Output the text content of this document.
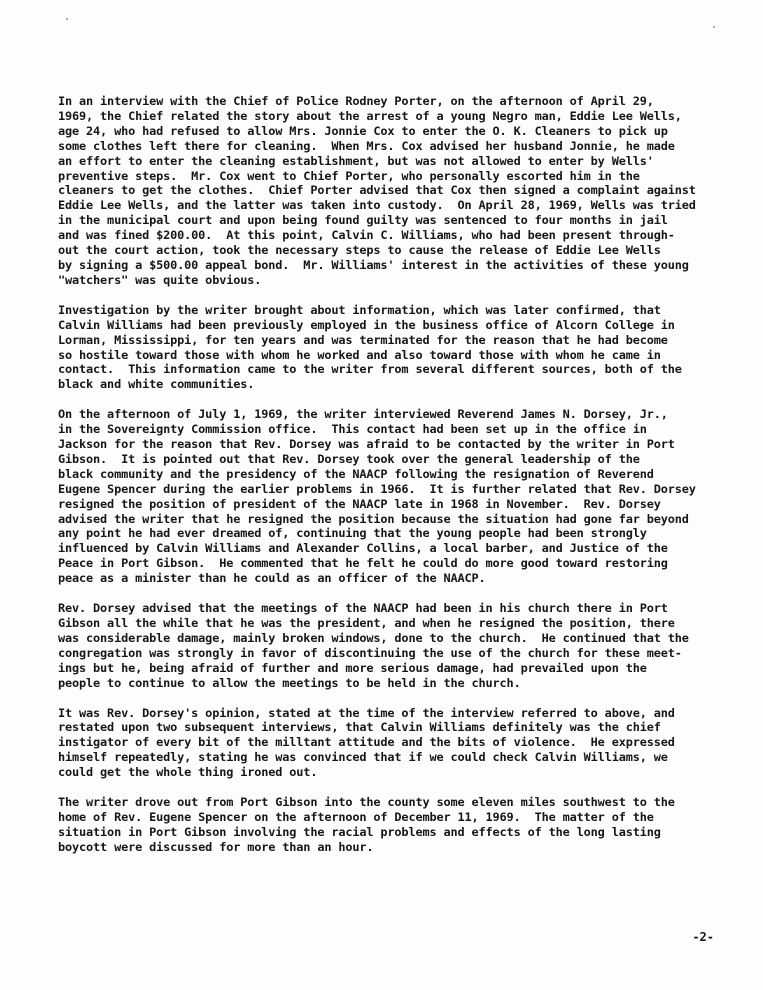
In an interview with the Chief of Police Rodney Porter, on the afternoon of April 29,
1969, the Chief related the story about the arrest of a young Negro man, Eddie Lee Wells,
age 24, who had refused to allow Mrs. Jonnie Cox to enter the O. K. Cleaners to pick up
some clothes left there for cleaning.  When Mrs. Cox advised her husband Jonnie, he made
an effort to enter the cleaning establishment, but was not allowed to enter by Wells'
preventive steps.  Mr. Cox went to Chief Porter, who personally escorted him in the
cleaners to get the clothes.  Chief Porter advised that Cox then signed a complaint against
Eddie Lee Wells, and the latter was taken into custody.  On April 28, 1969, Wells was tried
in the municipal court and upon being found guilty was sentenced to four months in jail
and was fined $200.00.  At this point, Calvin C. Williams, who had been present through-
out the court action, took the necessary steps to cause the release of Eddie Lee Wells
by signing a $500.00 appeal bond.  Mr. Williams' interest in the activities of these young
"watchers" was quite obvious.
Investigation by the writer brought about information, which was later confirmed, that
Calvin Williams had been previously employed in the business office of Alcorn College in
Lorman, Mississippi, for ten years and was terminated for the reason that he had become
so hostile toward those with whom he worked and also toward those with whom he came in
contact.  This information came to the writer from several different sources, both of the
black and white communities.
On the afternoon of July 1, 1969, the writer interviewed Reverend James N. Dorsey, Jr.,
in the Sovereignty Commission office.  This contact had been set up in the office in
Jackson for the reason that Rev. Dorsey was afraid to be contacted by the writer in Port
Gibson.  It is pointed out that Rev. Dorsey took over the general leadership of the
black community and the presidency of the NAACP following the resignation of Reverend
Eugene Spencer during the earlier problems in 1966.  It is further related that Rev. Dorsey
resigned the position of president of the NAACP late in 1968 in November.  Rev. Dorsey
advised the writer that he resigned the position because the situation had gone far beyond
any point he had ever dreamed of, continuing that the young people had been strongly
influenced by Calvin Williams and Alexander Collins, a local barber, and Justice of the
Peace in Port Gibson.  He commented that he felt he could do more good toward restoring
peace as a minister than he could as an officer of the NAACP.
Rev. Dorsey advised that the meetings of the NAACP had been in his church there in Port
Gibson all the while that he was the president, and when he resigned the position, there
was considerable damage, mainly broken windows, done to the church.  He continued that the
congregation was strongly in favor of discontinuing the use of the church for these meet-
ings but he, being afraid of further and more serious damage, had prevailed upon the
people to continue to allow the meetings to be held in the church.
It was Rev. Dorsey's opinion, stated at the time of the interview referred to above, and
restated upon two subsequent interviews, that Calvin Williams definitely was the chief
instigator of every bit of the milltant attitude and the bits of violence.  He expressed
himself repeatedly, stating he was convinced that if we could check Calvin Williams, we
could get the whole thing ironed out.
The writer drove out from Port Gibson into the county some eleven miles southwest to the
home of Rev. Eugene Spencer on the afternoon of December 11, 1969.  The matter of the
situation in Port Gibson involving the racial problems and effects of the long lasting
boycott were discussed for more than an hour.
-2-
